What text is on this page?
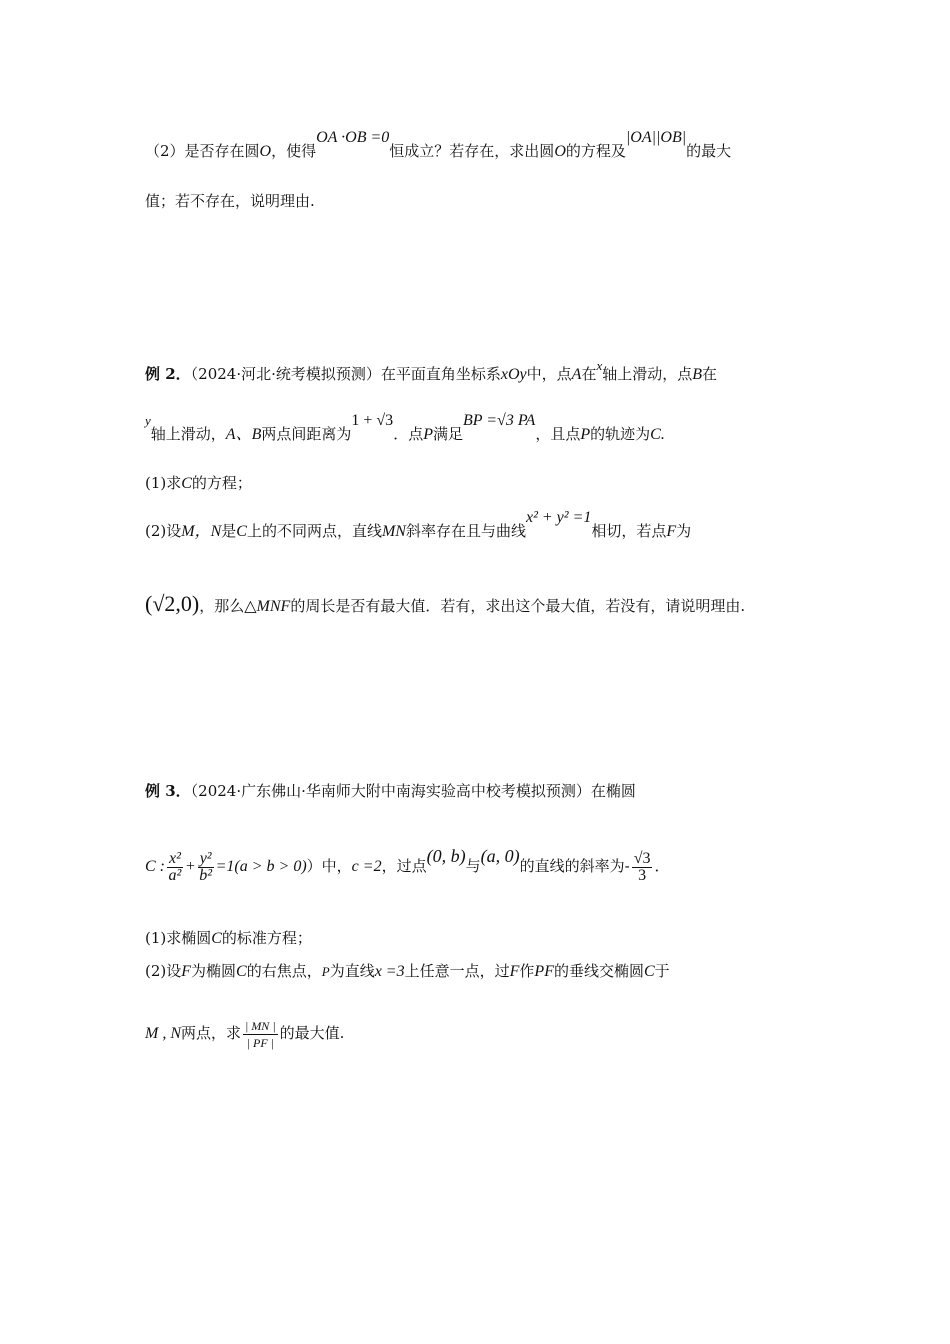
（2）是否存在圆O，使得OA ·OB =0恒成立？若存在，求出圆O的方程及|OA||OB|的最大
值；若不存在，说明理由.
例 2．（2024·河北·统考模拟预测）在平面直角坐标系xOy中，点A在x轴上滑动，点B在
y轴上滑动，A、B两点间距离为1 + √3．点P满足BP =√3 PA，且点P的轨迹为C.
(1)求C的方程；
(2)设M，N是C上的不同两点，直线MN斜率存在且与曲线x² + y² =1相切，若点F为
(√2,0)，那么△MNF的周长是否有最大值．若有，求出这个最大值，若没有，请说明理由.
例 3．（2024·广东佛山·华南师大附中南海实验高中校考模拟预测）在椭圆
C : $\frac{\text{x²}}{\text{a²}} + \frac{\text{y²}}{\text{b²}} =1(a > b > 0)$）中，c =2，过点(0, b)与(a, 0)的直线的斜率为- $\frac{√3}{3}$ ．
(1)求椭圆C的标准方程；
(2)设F为椭圆C的右焦点，P为直线x =3上任意一点，过F作PF的垂线交椭圆C于
M , N两点，求 $\frac{| MN |}{| PF |}$ 的最大值.
